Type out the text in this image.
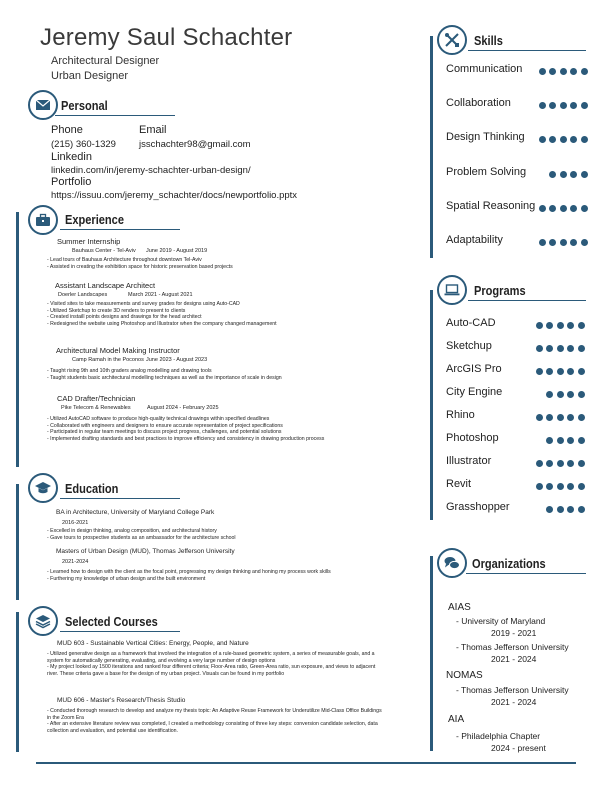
Jeremy Saul Schachter
Architectural Designer
Urban Designer
Personal
Phone
(215) 360-1329
Email
jsschachter98@gmail.com
Linkedin
linkedin.com/in/jeremy-schachter-urban-design/
Portfolio
https://issuu.com/jeremy_schachter/docs/newportfolio.pptx
Experience
Summer Internship
Bauhaus Center - Tel-Aviv June 2019 - August 2019
- Lead tours of Bauhaus Architecture throughout downtown Tel-Aviv
- Assisted in creating the exhibition space for historic preservation based projects
Assistant Landscape Architect
Doerler Landscapes	March 2021 - August 2021
- Visited sites to take measurements and survey grades for designs using Auto-CAD
- Utilized Sketchup to create 3D renders to present to clients
- Created instaill points designs and drawings for the head architect
- Redesigned the website using Photoshop and Illustrator when the company changed management
Architectural Model Making Instructor
Camp Ramah in the Poconos June 2023 - August 2023
- Taught rising 9th and 10th graders analog modelling and drawing tools
- Taught students basic architectural modelling techniques as well as the importance of scale in design
CAD Drafter/Technician
Pike Telecom & Renewables	August 2024 - February 2025
- Utilized AutoCAD software to produce high-quality technical drawings within specified deadlines
- Collaborated with engineers and designers to ensure accurate representation of project specifications
- Participated in regular team meetings to discuss project progress, challenges, and potential solutions
- Implemented drafting standards and best practices to improve efficiency and consistency in drawing production process
Education
BA in Architecture, University of Maryland College Park
2016-2021
- Excelled in design thinking, analog composition, and architectural history
- Gave tours to prospective students as an ambassador for the architecture school
Masters of Urban Design (MUD), Thomas Jefferson University
2021-2024
- Learned how to design with the client as the focal point, progressing my design thinking and honing my process work skills
- Furthering my knowledge of urban design and the built environment
Selected Courses
MUD 603 - Sustainable Vertical Cities: Energy, People, and Nature
- Utilized generative design as a framework that involved the integration of a rule-based geometric system, a series of measurable goals, and a system for automatically generating, evaluating, and evolving a very large number of design options
- My project looked ay 1500 iterations and ranked four different criteria; Floor-Area ratio, Green-Area ratio, sun exposure, and views to adjacent river. These criteria gave a base for the design of my urban project. Visuals can be found in my portfolio
MUD 606 - Master's Research/Thesis Studio
- Conducted thorough research to develop and analyze my thesis topic: An Adaptive Reuse Framework for Underutilize Mid-Class Office Buildings in the Zoom Era
- After an extensive literature review was completed, I created a methodology consisting of three key steps: conversion candidate selection, data collection and evaluation, and potential use identification.
Skills
Communication
Collaboration
Design Thinking
Problem Solving
Spatial Reasoning
Adaptability
Programs
Auto-CAD
Sketchup
ArcGIS Pro
City Engine
Rhino
Photoshop
Illustrator
Revit
Grasshopper
Organizations
AIAS
- University of Maryland
2019 - 2021
- Thomas Jefferson University
2021 - 2024
NOMAS
- Thomas Jefferson University
2021 - 2024
AIA
- Philadelphia Chapter
2024 - present
